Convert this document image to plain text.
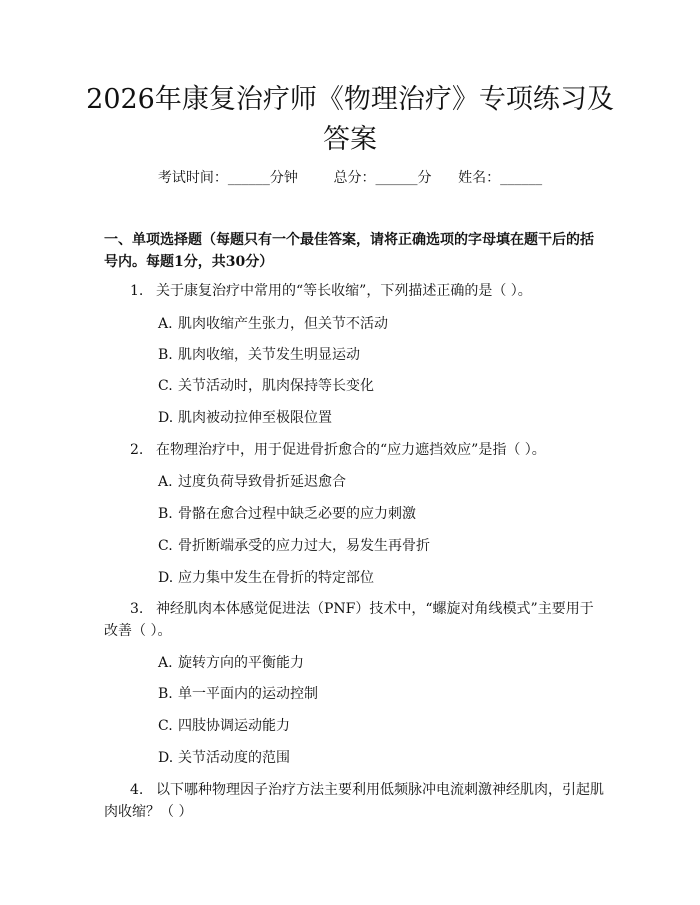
2026年康复治疗师《物理治疗》专项练习及答案
考试时间：______分钟	总分：______分 姓名：______
一、单项选择题（每题只有一个最佳答案，请将正确选项的字母填在题干后的括号内。每题1分，共30分）
1. 关于康复治疗中常用的“等长收缩”，下列描述正确的是（ ）。
A. 肌肉收缩产生张力，但关节不活动
B. 肌肉收缩，关节发生明显运动
C. 关节活动时，肌肉保持等长变化
D. 肌肉被动拉伸至极限位置
2. 在物理治疗中，用于促进骨折愈合的“应力遮挡效应”是指（ ）。
A. 过度负荷导致骨折延迟愈合
B. 骨骼在愈合过程中缺乏必要的应力刺激
C. 骨折断端承受的应力过大，易发生再骨折
D. 应力集中发生在骨折的特定部位
3. 神经肌肉本体感觉促进法（PNF）技术中，“螺旋对角线模式”主要用于改善（ ）。
A. 旋转方向的平衡能力
B. 单一平面内的运动控制
C. 四肢协调运动能力
D. 关节活动度的范围
4. 以下哪种物理因子治疗方法主要利用低频脉冲电流刺激神经肌肉，引起肌肉收缩？（ ）
